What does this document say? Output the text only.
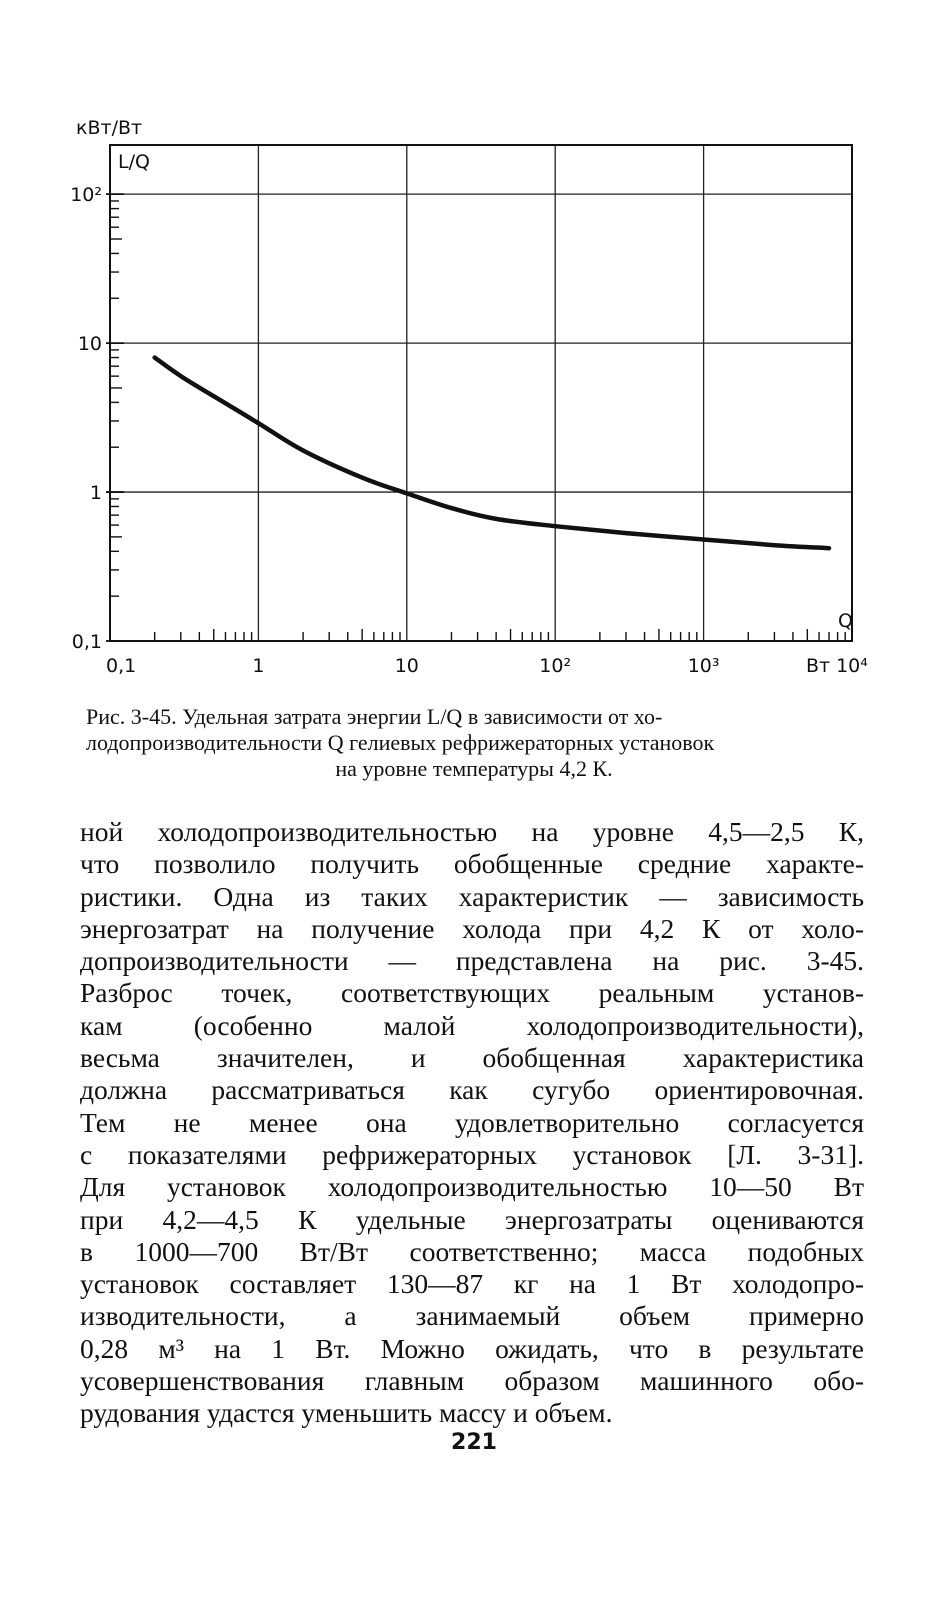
0,1	1	10	10²	10³	10⁴
0,1
1
10
10²
кВт/Вт
L/Q
Q
Вт
Рис. 3-45. Удельная затрата энергии L/Q в зависимости от хо-
лодопроизводительности Q гелиевых рефрижераторных установок
на уровне температуры 4,2 К.
ной холодопроизводительностью на уровне 4,5—2,5 К,
что позволило получить обобщенные средние характе-
ристики. Одна из таких характеристик — зависимость
энергозатрат на получение холода при 4,2 К от холо-
допроизводительности — представлена на рис. 3-45.
Разброс точек, соответствующих реальным установ-
кам (особенно малой холодопроизводительности),
весьма значителен, и обобщенная характеристика
должна рассматриваться как сугубо ориентировочная.
Тем не менее она удовлетворительно согласуется
с показателями рефрижераторных установок [Л. 3-31].
Для установок холодопроизводительностью 10—50 Вт
при 4,2—4,5 К удельные энергозатраты оцениваются
в 1000—700 Вт/Вт соответственно; масса подобных
установок составляет 130—87 кг на 1 Вт холодопро-
изводительности, а занимаемый объем примерно
0,28 м³ на 1 Вт. Можно ожидать, что в результате
усовершенствования главным образом машинного обо-
рудования удастся уменьшить массу и объем.
221
